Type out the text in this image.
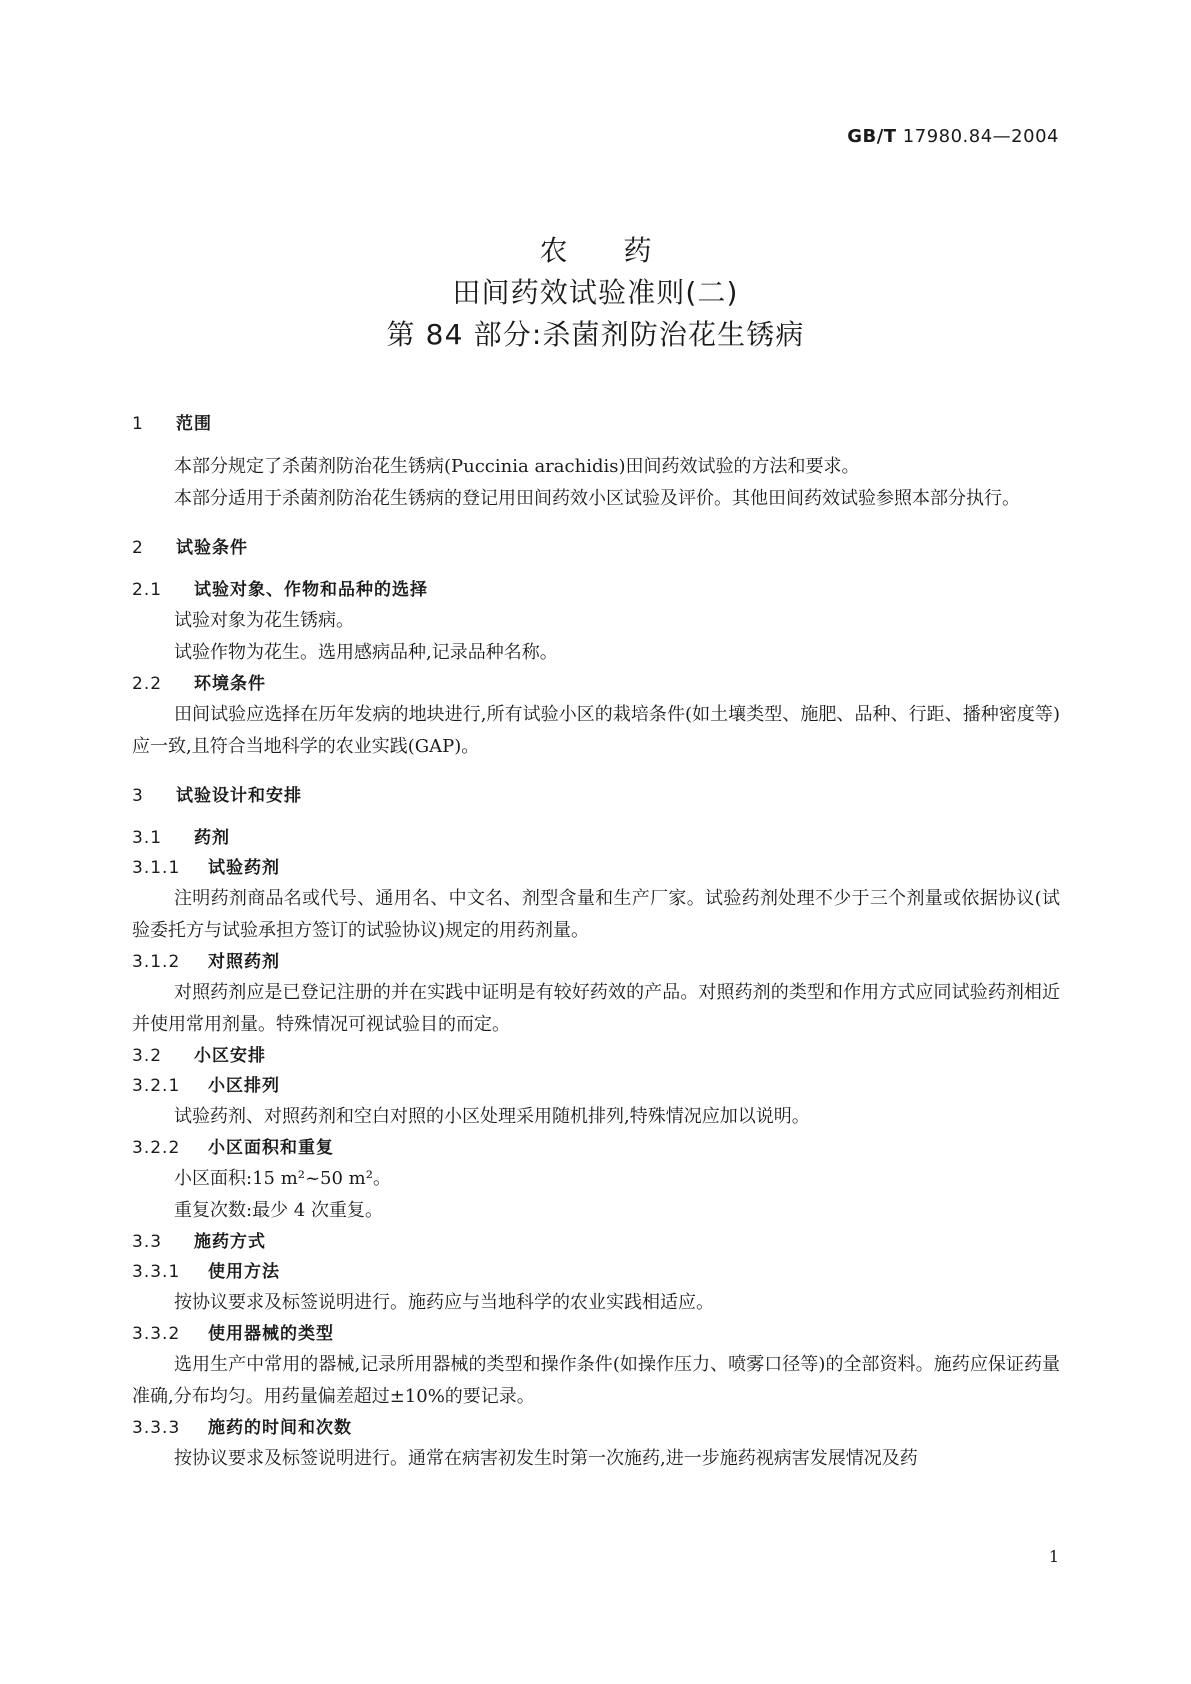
GB/T 17980.84—2004
农　　药
田间药效试验准则(二)
第 84 部分:杀菌剂防治花生锈病
1 范围

本部分规定了杀菌剂防治花生锈病(Puccinia arachidis)田间药效试验的方法和要求。

本部分适用于杀菌剂防治花生锈病的登记用田间药效小区试验及评价。其他田间药效试验参照本部分执行。

2 试验条件
2.1 试验对象、作物和品种的选择

试验对象为花生锈病。

试验作物为花生。选用感病品种,记录品种名称。

2.2 环境条件

田间试验应选择在历年发病的地块进行,所有试验小区的栽培条件(如土壤类型、施肥、品种、行距、播种密度等)应一致,且符合当地科学的农业实践(GAP)。

3 试验设计和安排
3.1 药剂
3.1.1 试验药剂

注明药剂商品名或代号、通用名、中文名、剂型含量和生产厂家。试验药剂处理不少于三个剂量或依据协议(试验委托方与试验承担方签订的试验协议)规定的用药剂量。

3.1.2 对照药剂

对照药剂应是已登记注册的并在实践中证明是有较好药效的产品。对照药剂的类型和作用方式应同试验药剂相近并使用常用剂量。特殊情况可视试验目的而定。

3.2 小区安排
3.2.1 小区排列

试验药剂、对照药剂和空白对照的小区处理采用随机排列,特殊情况应加以说明。

3.2.2 小区面积和重复

小区面积:15 m²~50 m²。

重复次数:最少 4 次重复。

3.3 施药方式
3.3.1 使用方法

按协议要求及标签说明进行。施药应与当地科学的农业实践相适应。

3.3.2 使用器械的类型

选用生产中常用的器械,记录所用器械的类型和操作条件(如操作压力、喷雾口径等)的全部资料。施药应保证药量准确,分布均匀。用药量偏差超过±10%的要记录。

3.3.3 施药的时间和次数

按协议要求及标签说明进行。通常在病害初发生时第一次施药,进一步施药视病害发展情况及药

1
